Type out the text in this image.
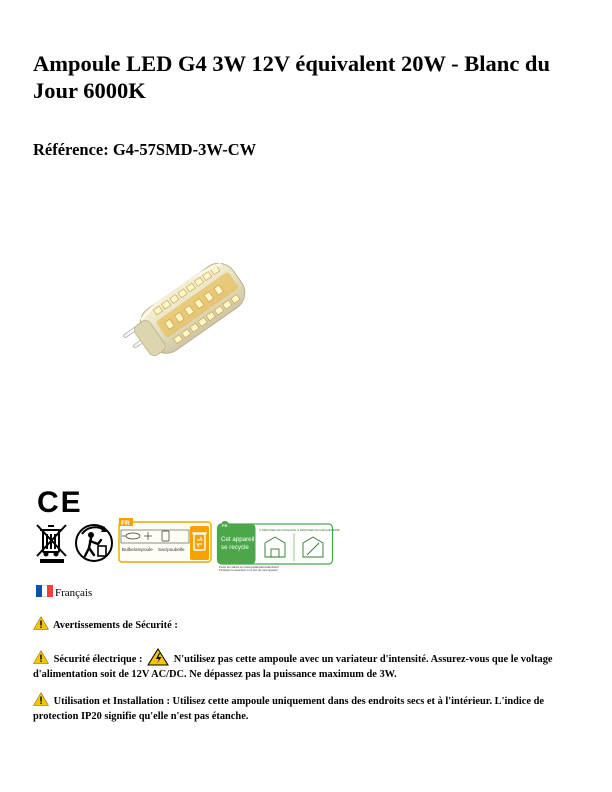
Ampoule LED G4 3W 12V équivalent 20W - Blanc du Jour 6000K

Référence: G4-57SMD-3W-CW

CE
FR
Bulbe/ampoule Sac/poubelle
FR
Cet appareil
se recycle
À DÉPOSER EN MAGASIN À DÉPOSER EN DÉCHÈTERIE
Points de collecte sur www.quefairedemesdechets.fr
Privilégiez la réparation ou le don de votre appareil
Français

Avertissements de Sécurité :

Sécurité électrique :	N'utilisez pas cette ampoule avec un variateur d'intensité. Assurez-vous que le voltage d'alimentation soit de 12V AC/DC. Ne dépassez pas la puissance maximum de 3W.

Utilisation et Installation : Utilisez cette ampoule uniquement dans des endroits secs et à l'intérieur. L'indice de protection IP20 signifie qu'elle n'est pas étanche.
